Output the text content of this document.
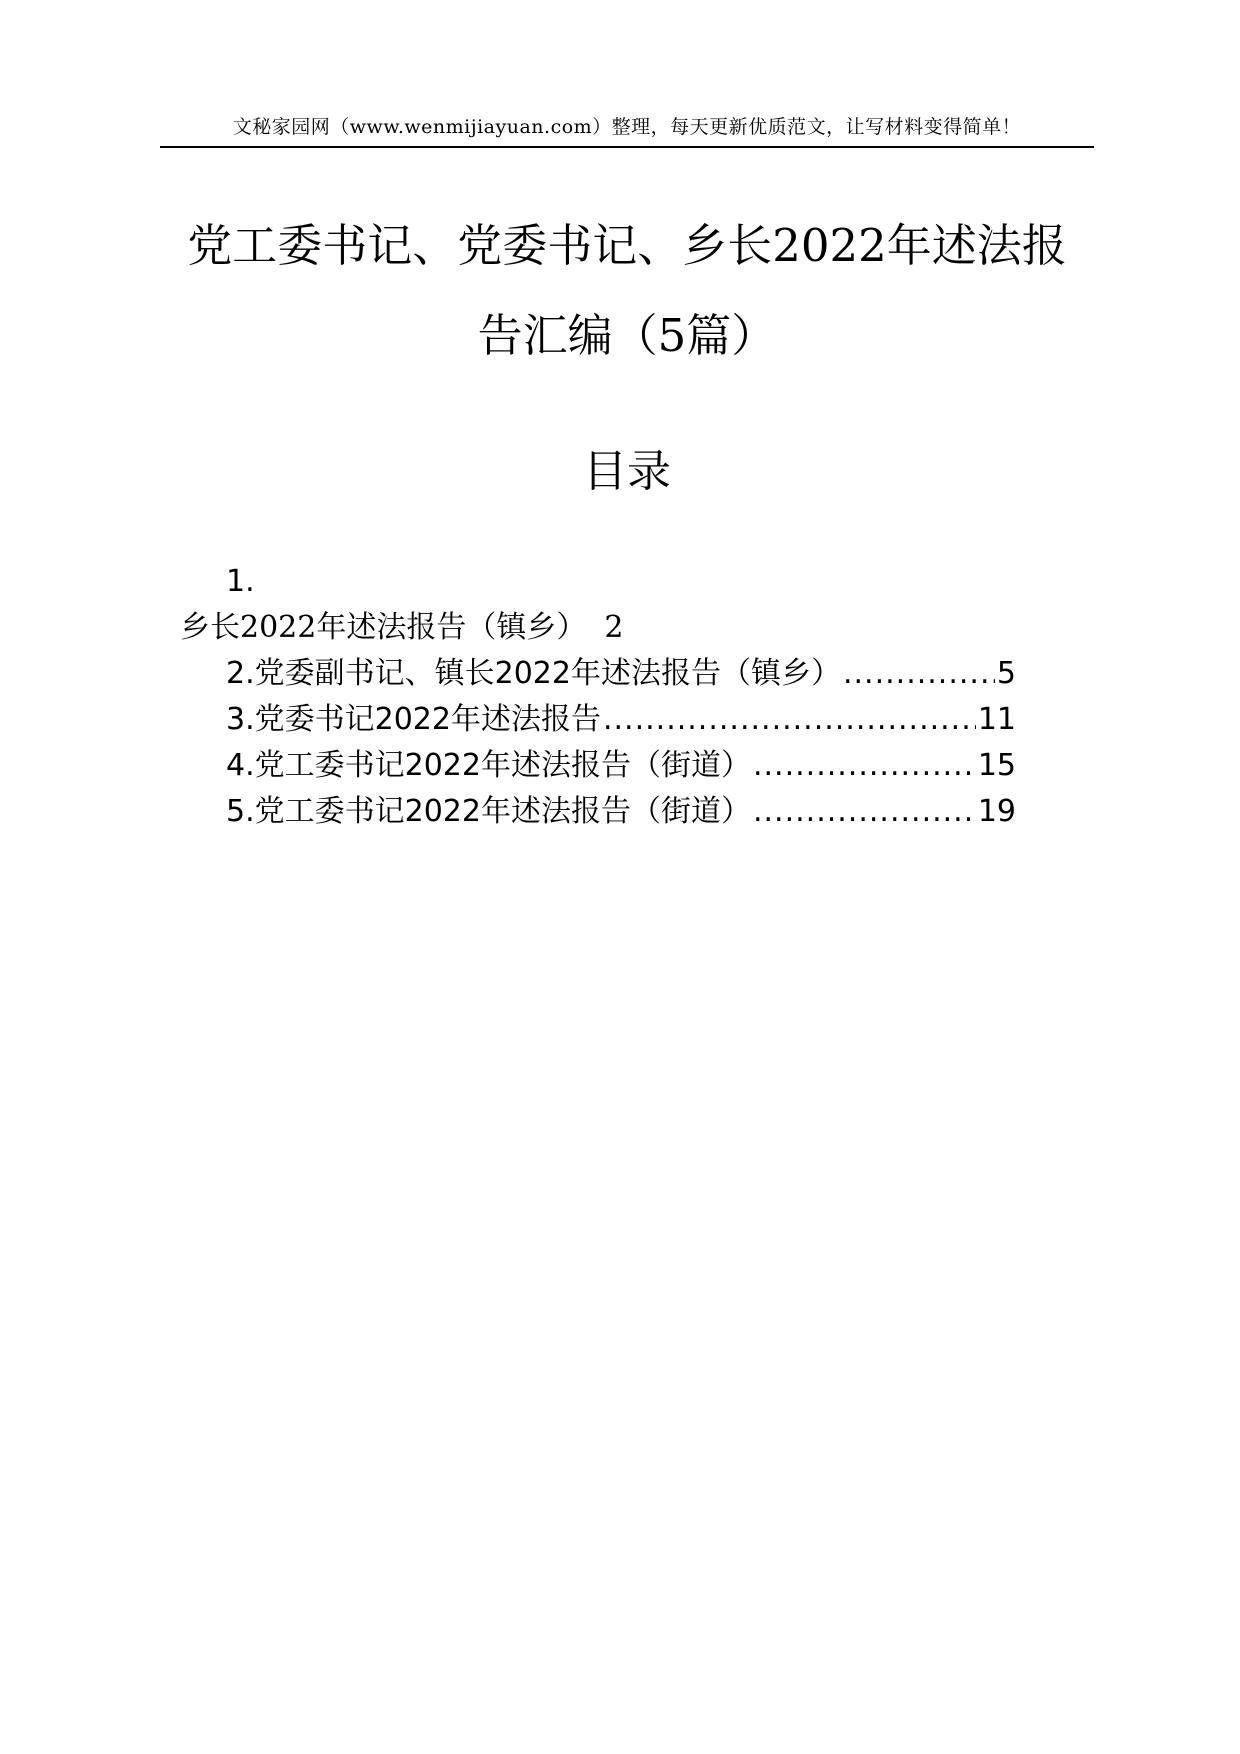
文秘家园网（www.wenmijiayuan.com）整理，每天更新优质范文，让写材料变得简单！
党工委书记、党委书记、乡长2022年述法报
告汇编（5篇）
目录
1.
乡长2022年述法报告（镇乡） 2
2.党委副书记、镇长2022年述法报告（镇乡） .....	5
3.党委书记2022年述法报告 .....	11
4.党工委书记2022年述法报告（街道） .....	15
5.党工委书记2022年述法报告（街道） .....	19
